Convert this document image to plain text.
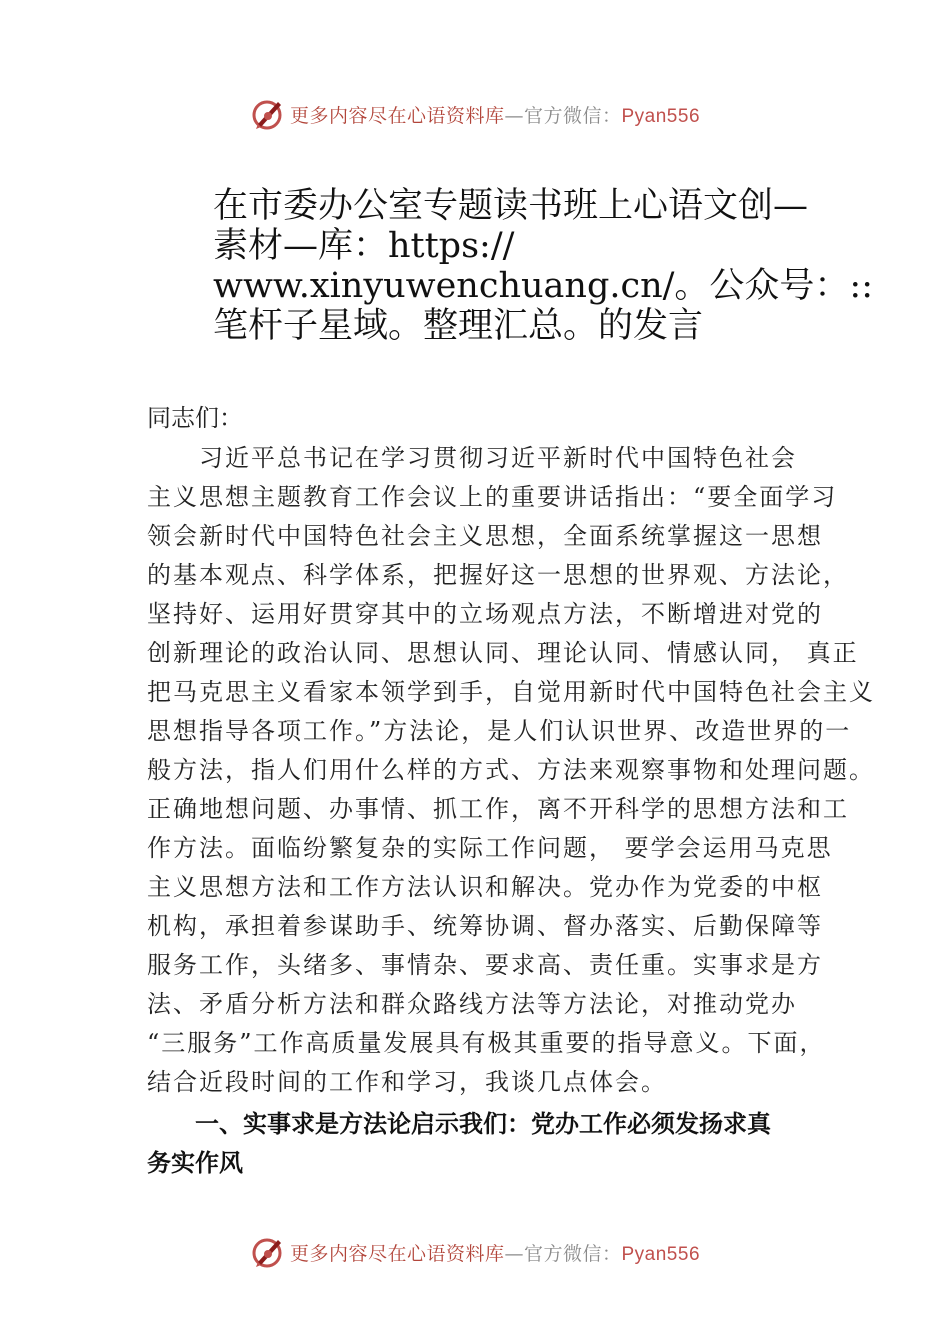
更多内容尽在心语资料库—官方微信：Pyan556
在市委办公室专题读书班上心语文创—
素材—库：https://
www.xinyuwenchuang.cn/。公众号：::
笔杆子星域。整理汇总。的发言
同志们：
　　习近平总书记在学习贯彻习近平新时代中国特色社会
主义思想主题教育工作会议上的重要讲话指出：“要全面学习
领会新时代中国特色社会主义思想，全面系统掌握这一思想
的基本观点、科学体系，把握好这一思想的世界观、方法论，
坚持好、运用好贯穿其中的立场观点方法，不断增进对党的
创新理论的政治认同、思想认同、理论认同、情感认同， 真正
把马克思主义看家本领学到手，自觉用新时代中国特色社会主义
思想指导各项工作。”方法论，是人们认识世界、改造世界的一
般方法，指人们用什么样的方式、方法来观察事物和处理问题。
正确地想问题、办事情、抓工作，离不开科学的思想方法和工
作方法。面临纷繁复杂的实际工作问题， 要学会运用马克思
主义思想方法和工作方法认识和解决。党办作为党委的中枢
机构，承担着参谋助手、统筹协调、督办落实、后勤保障等
服务工作，头绪多、事情杂、要求高、责任重。实事求是方
法、矛盾分析方法和群众路线方法等方法论，对推动党办
“三服务”工作高质量发展具有极其重要的指导意义。下面，
结合近段时间的工作和学习，我谈几点体会。
　　一、实事求是方法论启示我们：党办工作必须发扬求真
务实作风
更多内容尽在心语资料库—官方微信：Pyan556
